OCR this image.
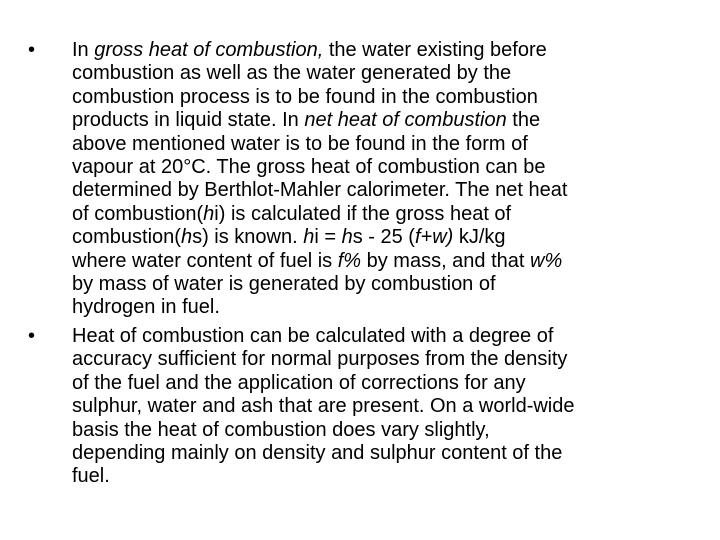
•	In gross heat of combustion, the water existing before
combustion as well as the water generated by the
combustion process is to be found in the combustion
products in liquid state. In net heat of combustion the
above mentioned water is to be found in the form of
vapour at 20°C. The gross heat of combustion can be
determined by Berthlot-Mahler calorimeter. The net heat
of combustion(hi) is calculated if the gross heat of
combustion(hs) is known. hi = hs - 25 (f+w) kJ/kg
where water content of fuel is f% by mass, and that w%
by mass of water is generated by combustion of
hydrogen in fuel.
•	Heat of combustion can be calculated with a degree of
accuracy sufficient for normal purposes from the density
of the fuel and the application of corrections for any
sulphur, water and ash that are present. On a world-wide
basis the heat of combustion does vary slightly,
depending mainly on density and sulphur content of the
fuel.
